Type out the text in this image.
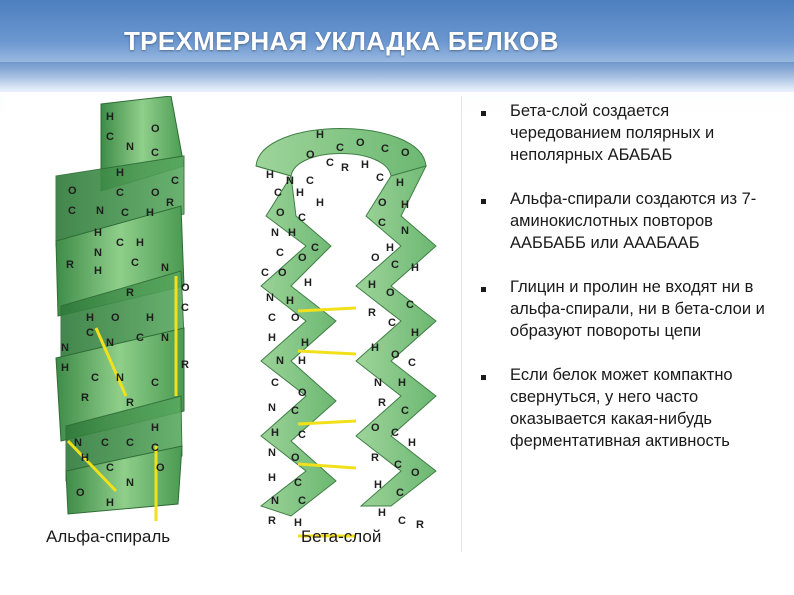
ТРЕХМЕРНАЯ УКЛАДКА БЕЛКОВ
H
C
N
O
C
C
H
C O
O
C N C H
R
H
N
H
C H
C N
R
R	O
C
H O H
C
N C N
N
H
C N C
R
R	R
H
C
N C C
H
C	O
N
O
H
H
C O
O
C R H
C O
H N C
C H
H
O C
N H
C
C O
C O
H
N H
C O
H H
N H
C
O
N C
H C
N O
H C
N C
R H
C H
O H
C
N
H
O
C H
H
O
C
R
C
H
H
O
C
N H
R
C
O C
H
R
C
O
H
C
H
C R
Альфа-спираль	Бета-слой
Бета-слой создается чередованием полярных и неполярных АБАБАБ
Альфа-спирали создаются из 7-аминокислотных повторов ААББАББ или АААБААБ
Глицин и пролин не входят ни в альфа-спирали, ни в бета-слои и образуют повороты цепи
Если белок может компактно свернуться, у него часто оказывается какая-нибудь ферментативная активность
